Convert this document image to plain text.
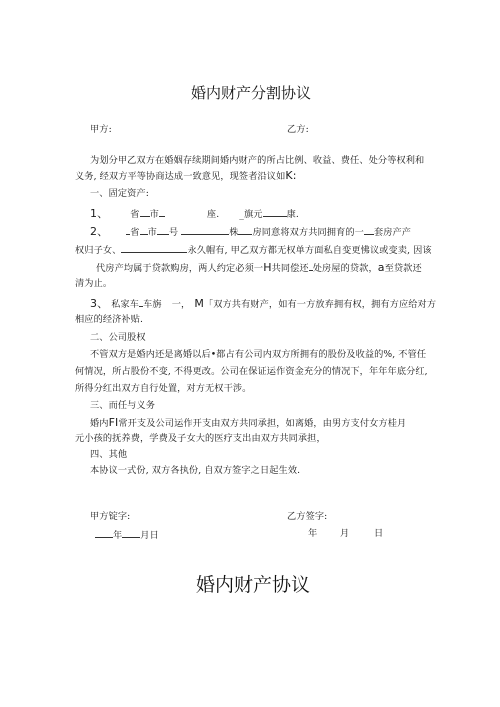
婚内财产分割协议
甲方:	乙方:
为划分甲乙双方在婚姻存续期间婚内财产的所占比例、收益、费任、处分等权利和
义务, 经双方平等协商达成一致意见，现签者沿议如K:
一、固定资产:
1、 省 市	座. _旗元	康.
2、 省 市 号	株 房同意将双方共同拥育的一 套房产产
权归子女、	永久帽有, 甲乙双方都无权单方面私自变更怫议或变卖, 因该
代房产均属于贷款购房，两人约定必须一H共同偿还 处房屋的贷款，a至贷款还
清为止。
3、 私家车 车旃 一， M「双方共有财产，如有一方放弃拥有权，拥有方应给对方
相应的经济补贴.
二、公司股权
不管双方是婚内还是离婚以后•都占有公司内双方所拥有的股份及收益的%, 不管任
何情况，所占股份不变, 不得更改。公司在保证运作资金充分的情况下，年年年底分红,
所得分红出双方自行处置，对方无权干涉。
三、而任与义务
婚内FI常开支及公司运作开支由双方共同承担，如离婚，由男方支付女方桂月
元小孩的抚养费，学费及子女大的医疗支出由双方共同承担，
四、其他
本协议一式份, 双方各执份, 自双方签字之日起生效.
甲方锭字:	乙方签字:
年 月日	年 月	日
婚内财产协议
